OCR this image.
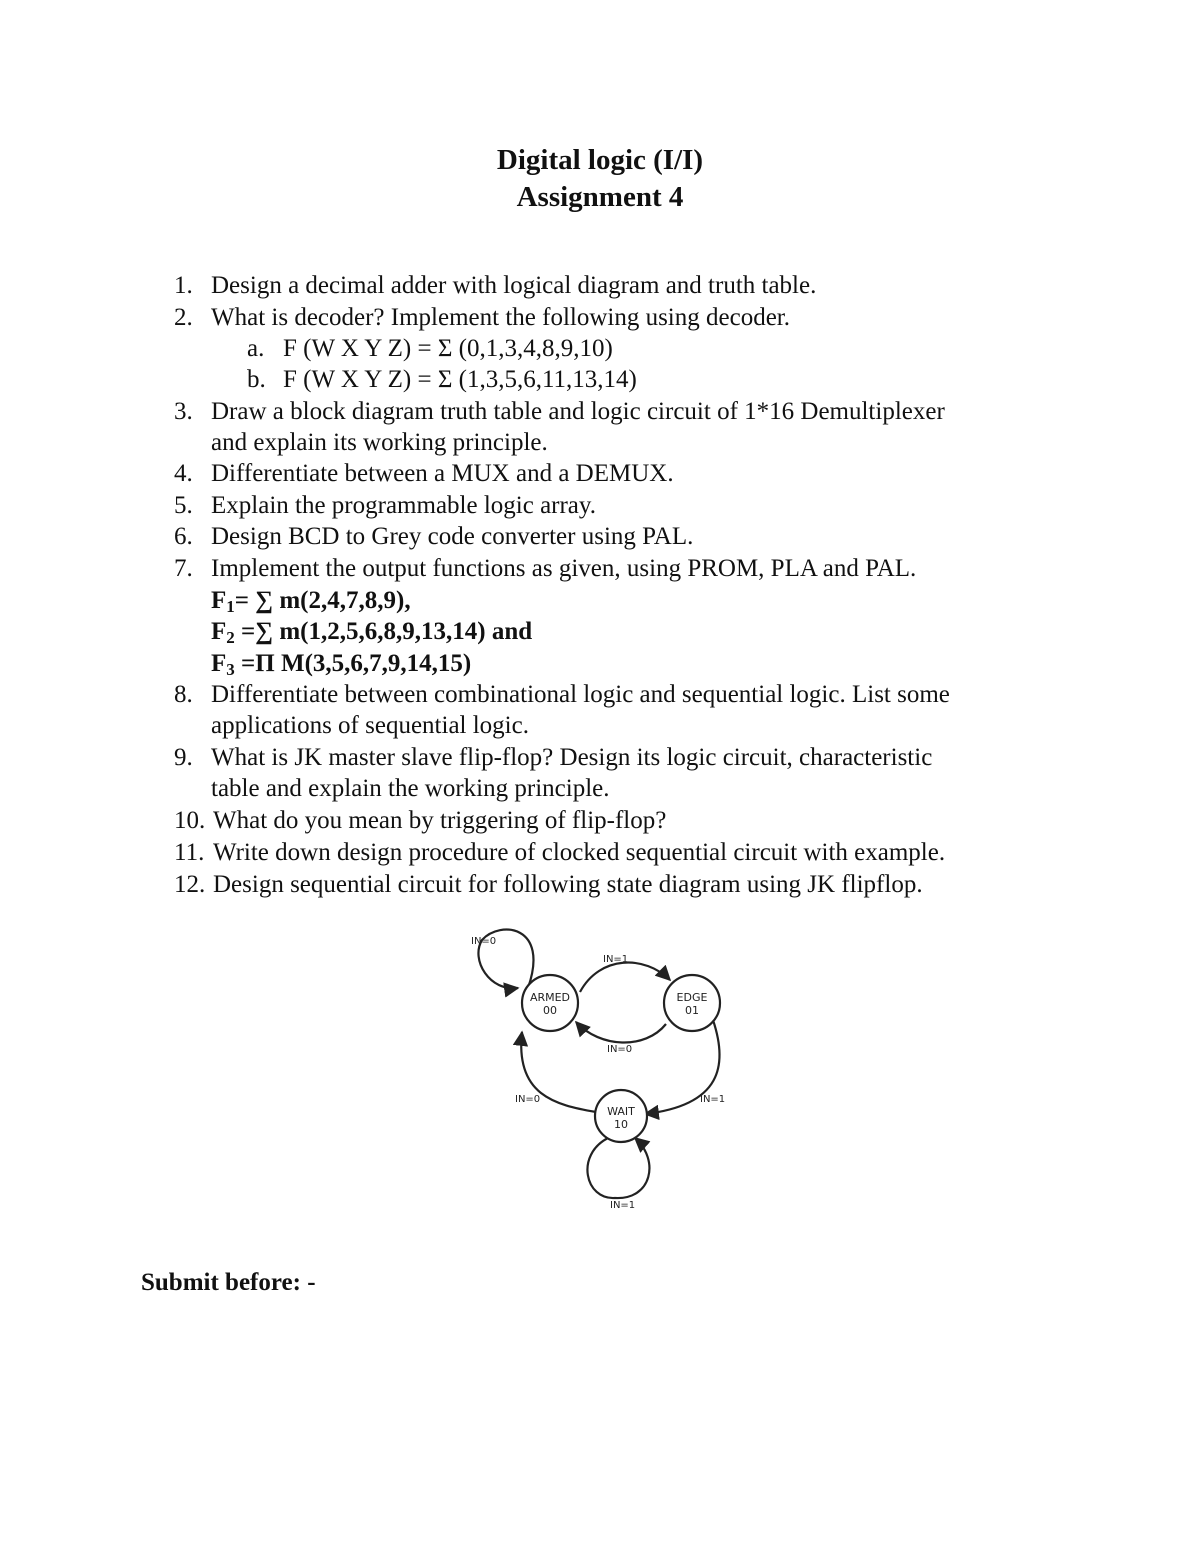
Digital logic (I/I)
Assignment 4
1. Design a decimal adder with logical diagram and truth table.
2. What is decoder? Implement the following using decoder.
a. F (W X Y Z) = Σ (0,1,3,4,8,9,10)
b. F (W X Y Z) = Σ (1,3,5,6,11,13,14)
3. Draw a block diagram truth table and logic circuit of 1*16 Demultiplexer
and explain its working principle.
4. Differentiate between a MUX and a DEMUX.
5. Explain the programmable logic array.
6. Design BCD to Grey code converter using PAL.
7. Implement the output functions as given, using PROM, PLA and PAL.
$F_1=$ ∑ m(2,4,7,8,9),
$F_2$ =∑ m(1,2,5,6,8,9,13,14) and
$F_3 =\Pi$ M(3,5,6,7,9,14,15)
8. Differentiate between combinational logic and sequential logic. List some
applications of sequential logic.
9. What is JK master slave flip-flop? Design its logic circuit, characteristic
table and explain the working principle.
10. What do you mean by triggering of flip-flop?
11. Write down design procedure of clocked sequential circuit with example.
12. Design sequential circuit for following state diagram using JK flipflop.
IN=0
IN=1
IN=0
IN=1
IN=0
IN=1
ARMED
00
EDGE
01
WAIT
10
Submit before: -
